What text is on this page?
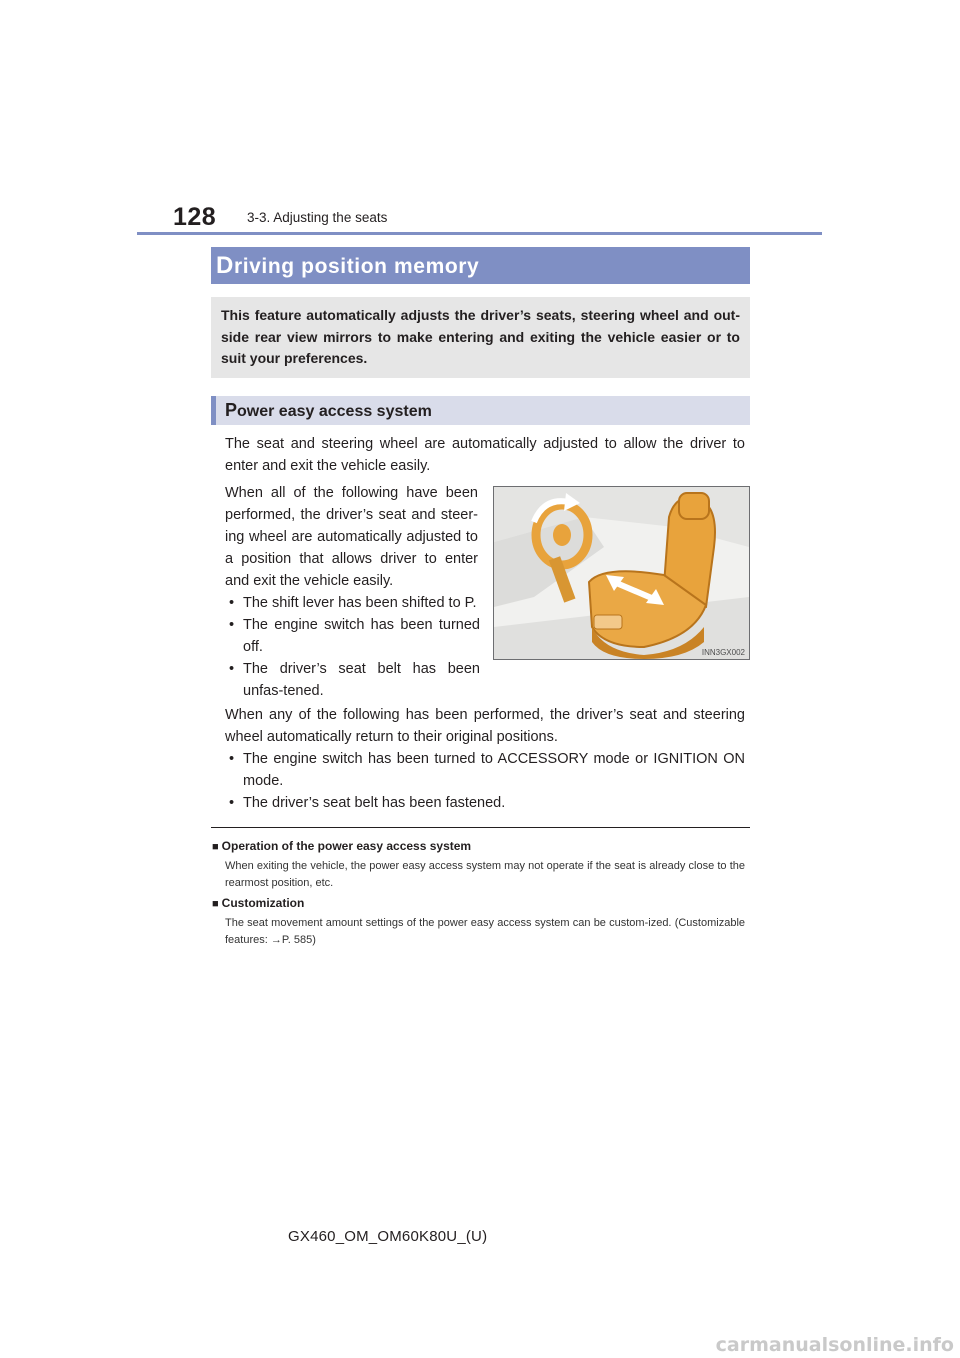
128 3-3. Adjusting the seats
Driving position memory
This feature automatically adjusts the driver’s seats, steering wheel and out-side rear view mirrors to make entering and exiting the vehicle easier or to suit your preferences.
Power easy access system
The seat and steering wheel are automatically adjusted to allow the driver to enter and exit the vehicle easily.
When all of the following have been performed, the driver’s seat and steer-ing wheel are automatically adjusted to a position that allows driver to enter and exit the vehicle easily.
• The shift lever has been shifted to P.
• The engine switch has been turned off.
• The driver’s seat belt has been unfas-tened.
INN3GX002
When any of the following has been performed, the driver’s seat and steering wheel automatically return to their original positions.
• The engine switch has been turned to ACCESSORY mode or IGNITION ON mode.
• The driver’s seat belt has been fastened.
■ Operation of the power easy access system
When exiting the vehicle, the power easy access system may not operate if the seat is already close to the rearmost position, etc.
■ Customization
The seat movement amount settings of the power easy access system can be custom-ized. (Customizable features: →P. 585)
GX460_OM_OM60K80U_(U)
carmanualsonline.info
